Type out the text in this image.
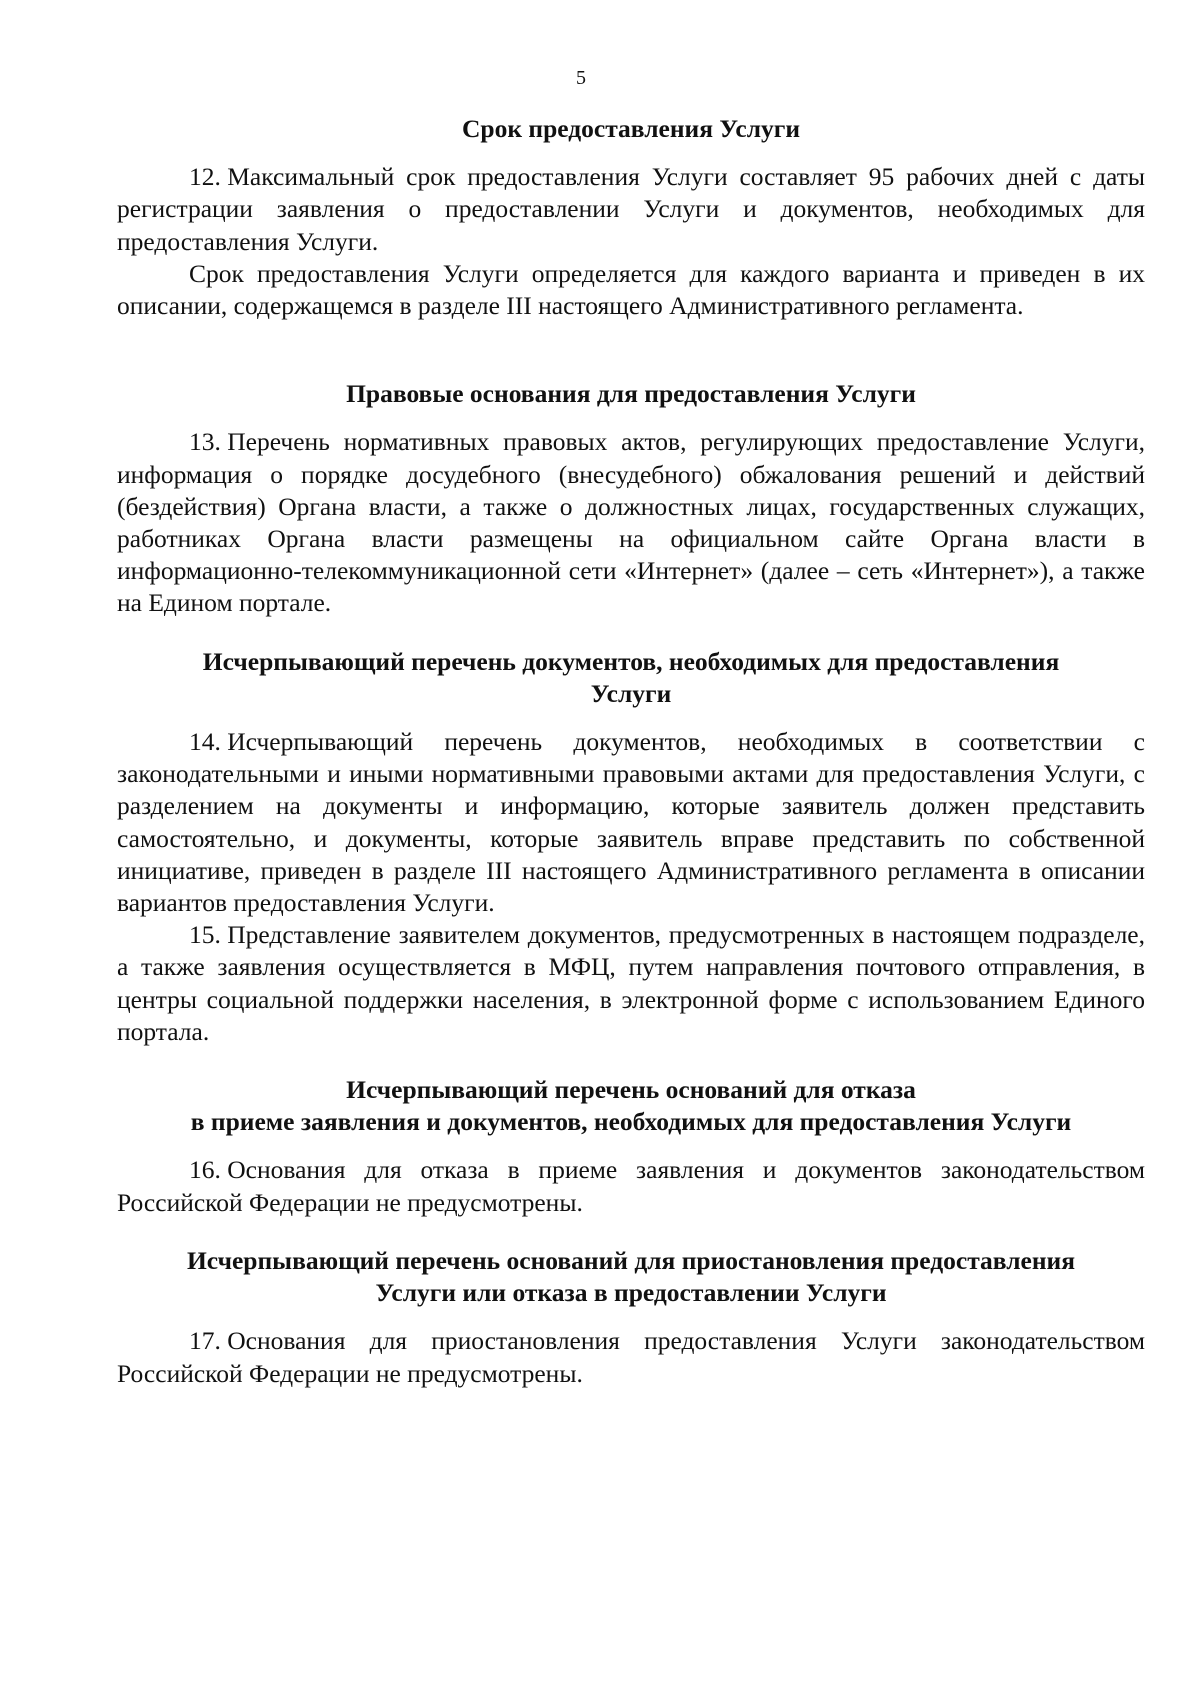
5

Срок предоставления Услуги

12. Максимальный срок предоставления Услуги составляет 95 рабочих дней с даты регистрации заявления о предоставлении Услуги и документов, необходимых для предоставления Услуги.

Срок предоставления Услуги определяется для каждого варианта и приведен в их описании, содержащемся в разделе III настоящего Административного регламента.

Правовые основания для предоставления Услуги

13. Перечень нормативных правовых актов, регулирующих предоставление Услуги, информация о порядке досудебного (внесудебного) обжалования решений и действий (бездействия) Органа власти, а также о должностных лицах, государственных служащих, работниках Органа власти размещены на официальном сайте Органа власти в информационно-телекоммуникационной сети «Интернет» (далее – сеть «Интернет»), а также на Едином портале.

Исчерпывающий перечень документов, необходимых для предоставления
Услуги

14. Исчерпывающий перечень документов, необходимых в соответствии с законодательными и иными нормативными правовыми актами для предоставления Услуги, с разделением на документы и информацию, которые заявитель должен представить самостоятельно, и документы, которые заявитель вправе представить по собственной инициативе, приведен в разделе III настоящего Административного регламента в описании вариантов предоставления Услуги.

15. Представление заявителем документов, предусмотренных в настоящем подразделе, а также заявления осуществляется в МФЦ, путем направления почтового отправления, в центры социальной поддержки населения, в электронной форме с использованием Единого портала.

Исчерпывающий перечень оснований для отказа
в приеме заявления и документов, необходимых для предоставления Услуги

16. Основания для отказа в приеме заявления и документов законодательством Российской Федерации не предусмотрены.

Исчерпывающий перечень оснований для приостановления предоставления
Услуги или отказа в предоставлении Услуги

17. Основания для приостановления предоставления Услуги законодательством Российской Федерации не предусмотрены.
